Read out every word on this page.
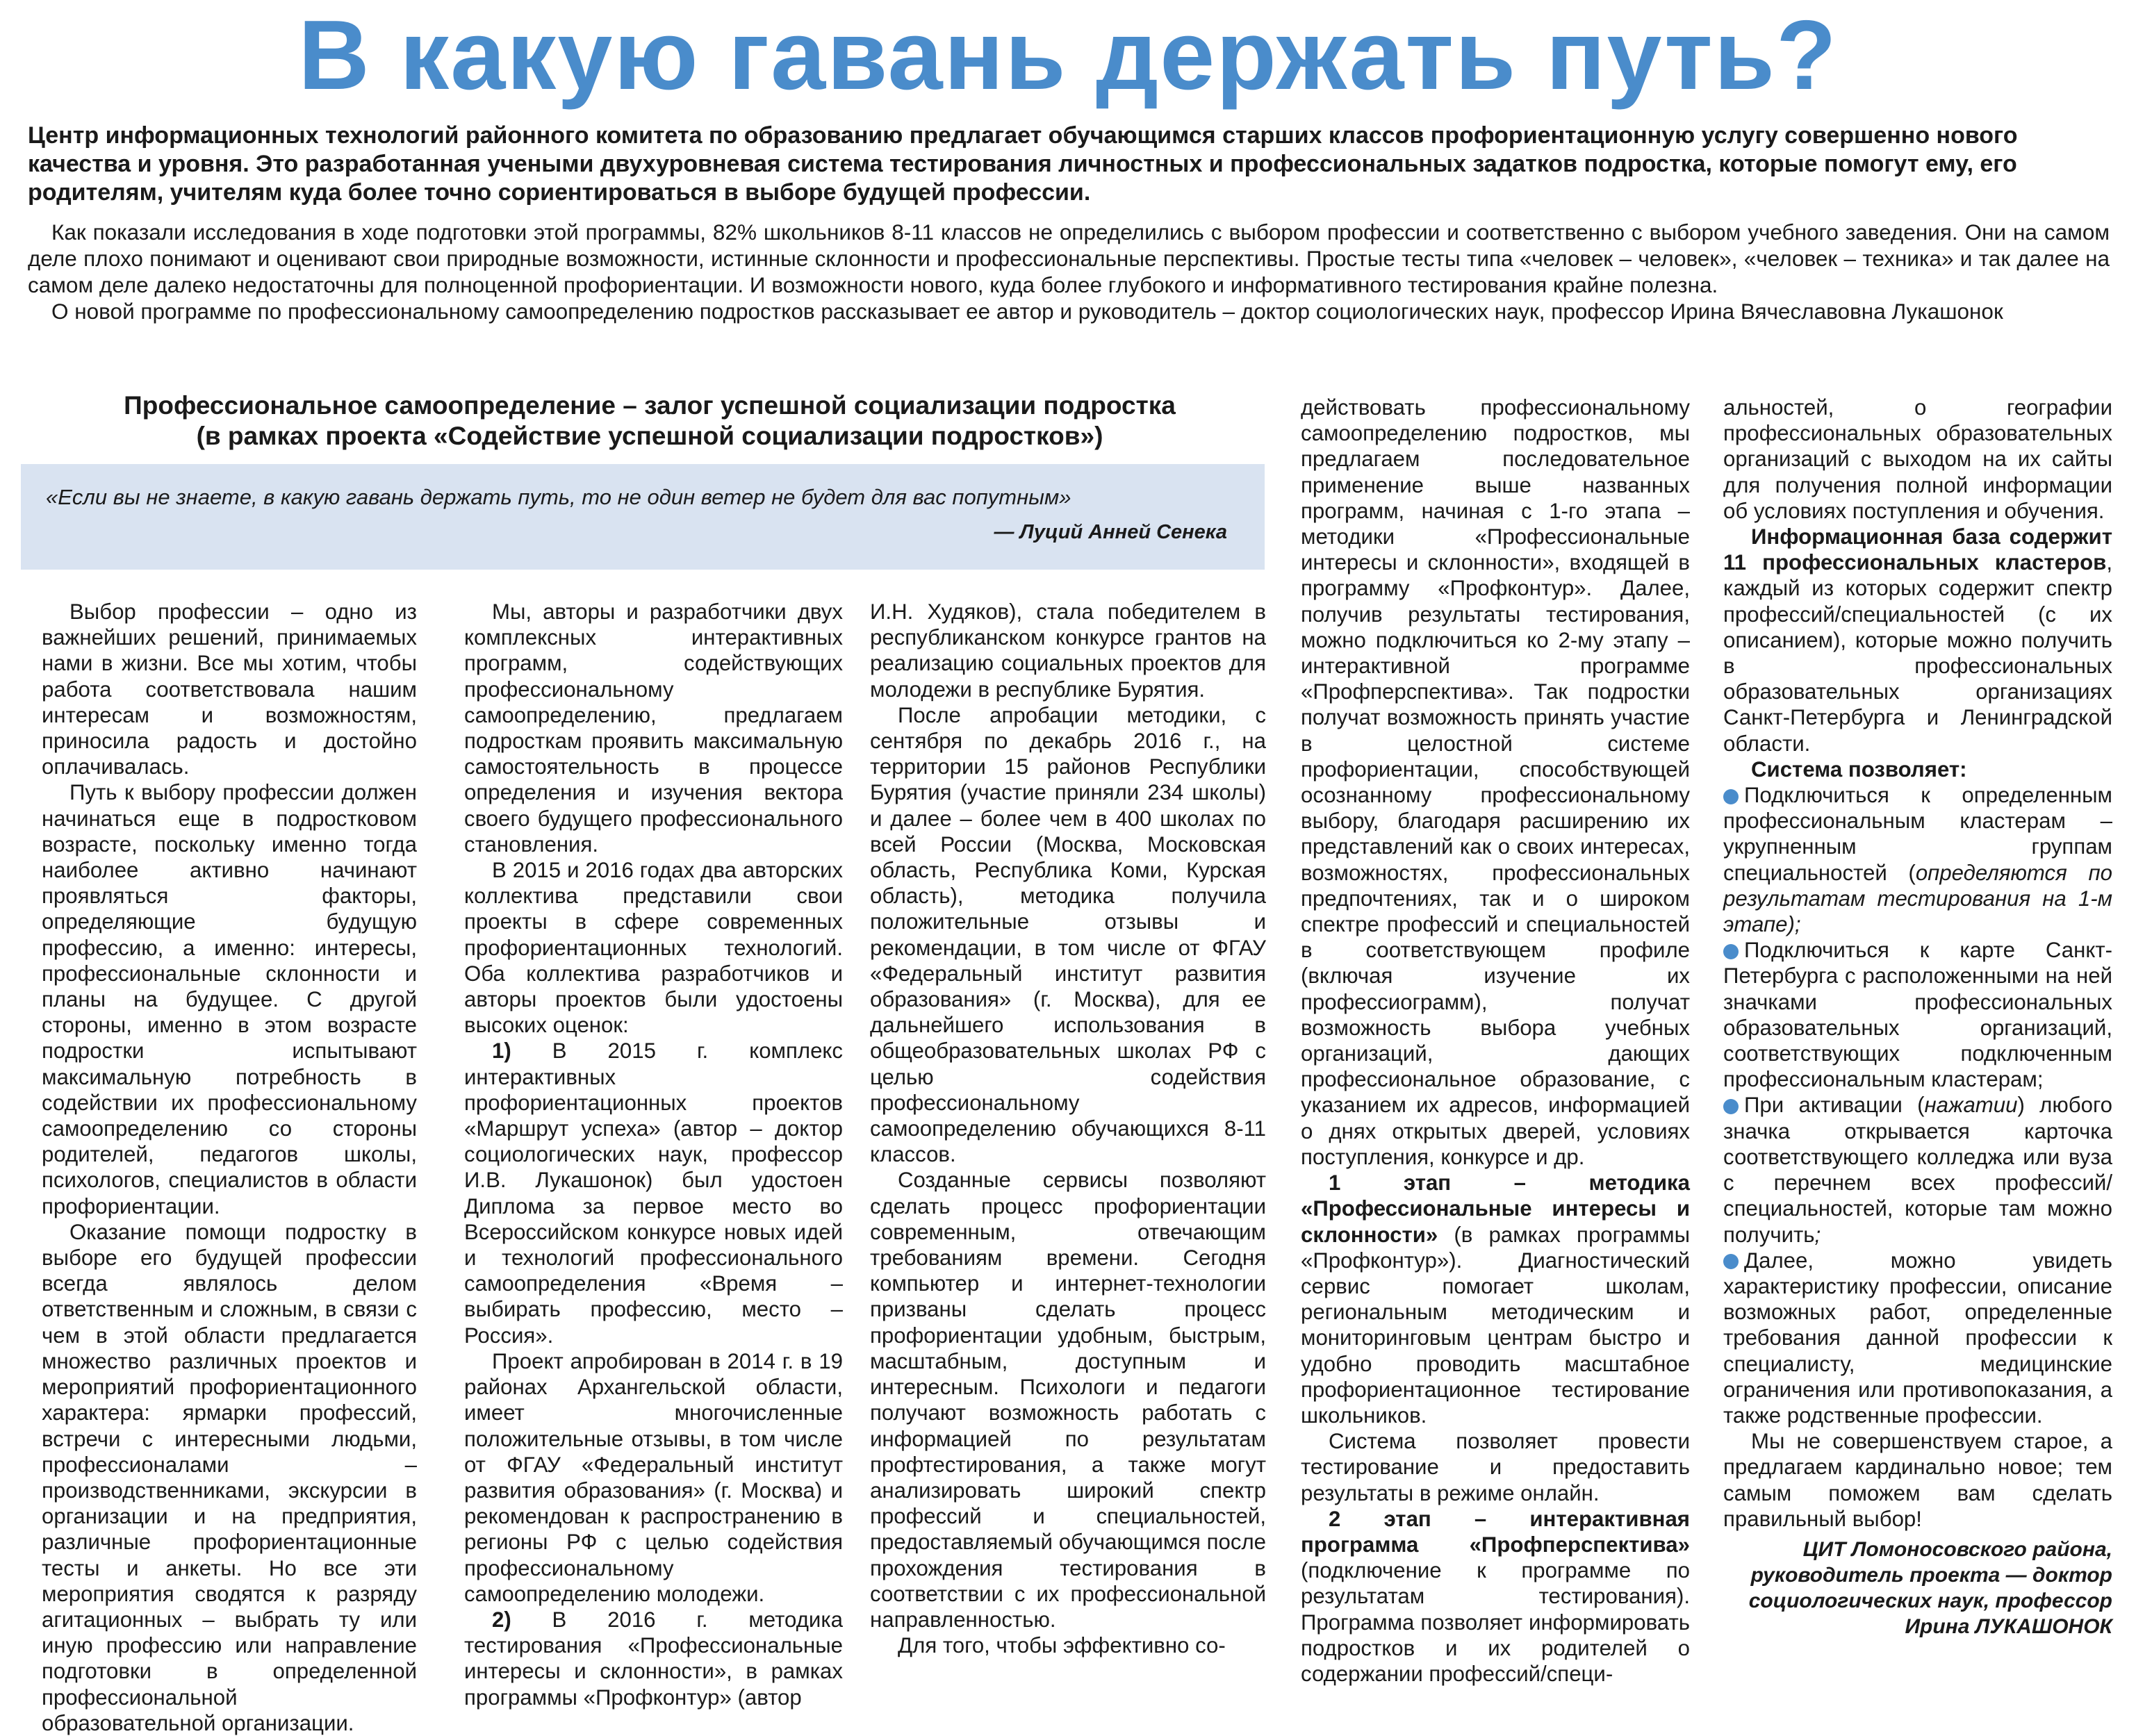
В какую гавань держать путь?
Центр информационных технологий районного комитета по образованию предлагает обучающимся старших классов профориентационную услугу совершенно нового качества и уровня. Это разработанная учеными двухуровневая система тестирования личностных и профессиональных задатков подростка, которые помогут ему, его родителям, учителям куда более точно сориентироваться в выборе будущей профессии.

Как показали исследования в ходе подготовки этой программы, 82% школьников 8-11 классов не определились с выбором профессии и соответственно с выбором учебного заведения. Они на самом деле плохо понимают и оценивают свои природные возможности, истинные склонности и профессиональные перспективы. Простые тесты типа «человек – человек», «человек – техника» и так далее на самом деле далеко недостаточны для полноценной профориентации. И возможности нового, куда более глубокого и информативного тестирования крайне полезна.

О новой программе по профессиональному самоопределению подростков рассказывает ее автор и руководитель – доктор социологических наук, профессор Ирина Вячеславовна Лукашонок

Профессиональное самоопределение – залог успешной социализации подростка
(в рамках проекта «Содействие успешной социализации подростков»)
«Если вы не знаете, в какую гавань держать путь, то не один ветер не будет для вас попутным»
— Луций Анней Сенека

Выбор профессии – одно из важнейших решений, принимаемых нами в жизни. Все мы хотим, чтобы работа соответствовала нашим интересам и возможностям, приносила радость и достойно оплачивалась.

Путь к выбору профессии должен начинаться еще в подростковом возрасте, поскольку именно тогда наиболее активно начинают проявляться факторы, определяющие будущую профессию, а именно: интересы, профессиональные склонности и планы на будущее. С другой стороны, именно в этом возрасте подростки испытывают максимальную потребность в содействии их профессиональному самоопределению со стороны родителей, педагогов школы, психологов, специалистов в области профориентации.

Оказание помощи подростку в выборе его будущей профессии всегда являлось делом ответственным и сложным, в связи с чем в этой области предлагается множество различных проектов и мероприятий профориентационного характера: ярмарки профессий, встречи с интересными людьми, профессионалами – производственниками, экскурсии в организации и на предприятия, различные профориентационные тесты и анкеты. Но все эти мероприятия сводятся к разряду агитационных – выбрать ту или иную профессию или направление подготовки в определенной профессиональной образовательной организации.

Мы, авторы и разработчики двух комплексных интерактивных программ, содействующих профессиональному самоопределению, предлагаем подросткам проявить максимальную самостоятельность в процессе определения и изучения вектора своего будущего профессионального становления.

В 2015 и 2016 годах два авторских коллектива представили свои проекты в сфере современных профориентационных технологий. Оба коллектива разработчиков и авторы проектов были удостоены высоких оценок:

1) В 2015 г. комплекс интерактивных профориентационных проектов «Маршрут успеха» (автор – доктор социологических наук, профессор И.В. Лукашонок) был удостоен Диплома за первое место во Всероссийском конкурсе новых идей и технологий профессионального самоопределения «Время – выбирать профессию, место – Россия».

Проект апробирован в 2014 г. в 19 районах Архангельской области, имеет многочисленные положительные отзывы, в том числе от ФГАУ «Федеральный институт развития образования» (г. Москва) и рекомендован к распространению в регионы РФ с целью содействия профессиональному самоопределению молодежи.

2) В 2016 г. методика тестирования «Профессиональные интересы и склонности», в рамках программы «Профконтур» (автор

И.Н. Худяков), стала победителем в республиканском конкурсе грантов на реализацию социальных проектов для молодежи в республике Бурятия.

После апробации методики, с сентября по декабрь 2016 г., на территории 15 районов Республики Бурятия (участие приняли 234 школы) и далее – более чем в 400 школах по всей России (Москва, Московская область, Республика Коми, Курская область), методика получила положительные отзывы и рекомендации, в том числе от ФГАУ «Федеральный институт развития образования» (г. Москва), для ее дальнейшего использования в общеобразовательных школах РФ с целью содействия профессиональному самоопределению обучающихся 8-11 классов.

Созданные сервисы позволяют сделать процесс профориентации современным, отвечающим требованиям времени. Сегодня компьютер и интернет-технологии призваны сделать процесс профориентации удобным, быстрым, масштабным, доступным и интересным. Психологи и педагоги получают возможность работать с информацией по результатам профтестирования, а также могут анализировать широкий спектр профессий и специальностей, предоставляемый обучающимся после прохождения тестирования в соответствии с их профессиональной направленностью.

Для того, чтобы эффективно со-

действовать профессиональному самоопределению подростков, мы предлагаем последовательное применение выше названных программ, начиная с 1-го этапа – методики «Профессиональные интересы и склонности», входящей в программу «Профконтур». Далее, получив результаты тестирования, можно подключиться ко 2-му этапу – интерактивной программе «Профперспектива». Так подростки получат возможность принять участие в целостной системе профориентации, способствующей осознанному профессиональному выбору, благодаря расширению их представлений как о своих интересах, возможностях, профессиональных предпочтениях, так и о широком спектре профессий и специальностей в соответствующем профиле (включая изучение их профессиограмм), получат возможность выбора учебных организаций, дающих профессиональное образование, с указанием их адресов, информацией о днях открытых дверей, условиях поступления, конкурсе и др.

1 этап – методика «Профессиональные интересы и склонности» (в рамках программы «Профконтур»). Диагностический сервис помогает школам, региональным методическим и мониторинговым центрам быстро и удобно проводить масштабное профориентационное тестирование школьников.

Система позволяет провести тестирование и предоставить результаты в режиме онлайн.

2 этап – интерактивная программа «Профперспектива» (подключение к программе по результатам тестирования). Программа позволяет информировать подростков и их родителей о содержании профессий/специ-

альностей, о географии профессиональных образовательных организаций с выходом на их сайты для получения полной информации об условиях поступления и обучения.

Информационная база содержит 11 профессиональных кластеров, каждый из которых содержит спектр профессий/специальностей (с их описанием), которые можно получить в профессиональных образовательных организациях Санкт-Петербурга и Ленинградской области.

Система позволяет:

Подключиться к определенным профессиональным кластерам – укрупненным группам специальностей (определяются по результатам тестирования на 1-м этапе);

Подключиться к карте Санкт-Петербурга с расположенными на ней значками профессиональных образовательных организаций, соответствующих подключенным профессиональным кластерам;

При активации (нажатии) любого значка открывается карточка соответствующего колледжа или вуза с перечнем всех профессий/специальностей, которые там можно получить;

Далее, можно увидеть характеристику профессии, описание возможных работ, определенные требования данной профессии к специалисту, медицинские ограничения или противопоказания, а также родственные профессии.

Мы не совершенствуем старое, а предлагаем кардинально новое; тем самым поможем вам сделать правильный выбор!

ЦИТ Ломоносовского района,
руководитель проекта — доктор
социологических наук, профессор
Ирина ЛУКАШОНОК
